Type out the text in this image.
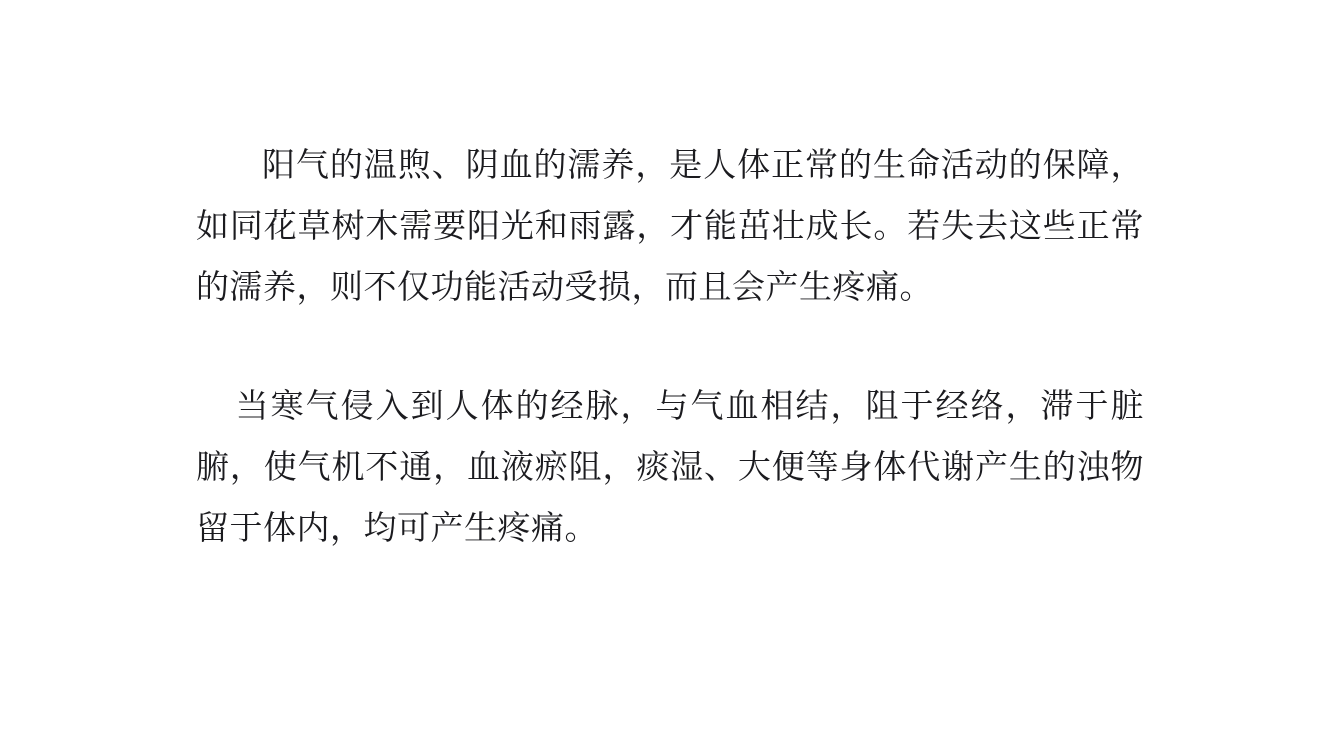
阳气的温煦、阴血的濡养，是人体正常的生命活动的保障，如同花草树木需要阳光和雨露，才能茁壮成长。若失去这些正常的濡养，则不仅功能活动受损，而且会产生疼痛。

当寒气侵入到人体的经脉，与气血相结，阻于经络，滞于脏腑，使气机不通，血液瘀阻，痰湿、大便等身体代谢产生的浊物留于体内，均可产生疼痛。
